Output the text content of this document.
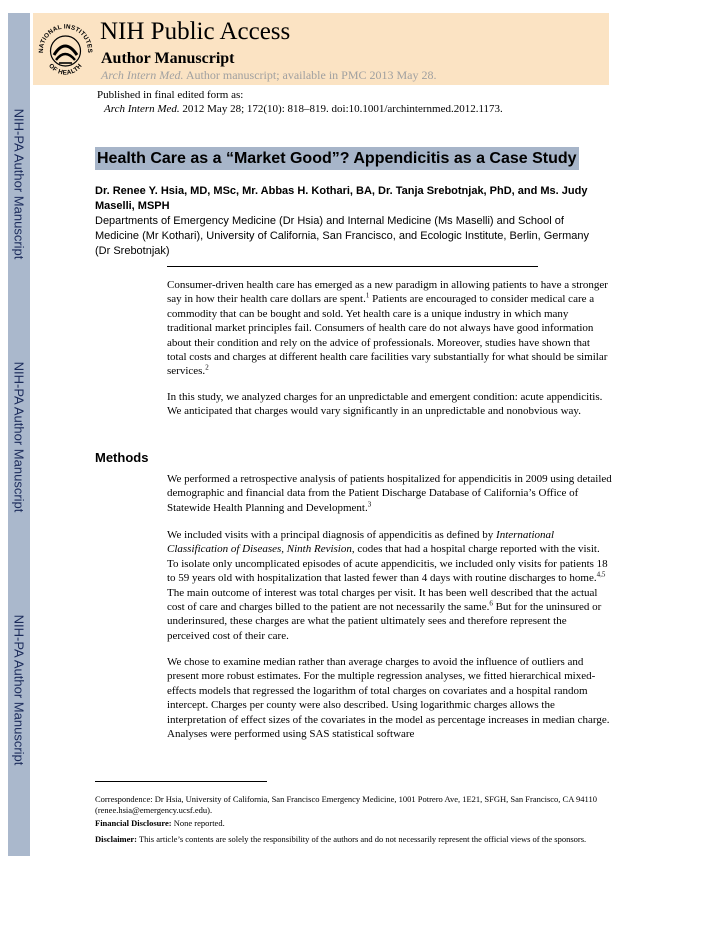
NIH-PA Author Manuscript
NIH-PA Author Manuscript
NIH-PA Author Manuscript
NATIONAL INSTITUTES
OF HEALTH
NIH Public Access
Author Manuscript
Arch Intern Med. Author manuscript; available in PMC 2013 May 28.
Published in final edited form as:
Arch Intern Med. 2012 May 28; 172(10): 818–819. doi:10.1001/archinternmed.2012.1173.
Health Care as a “Market Good”? Appendicitis as a Case Study
Dr. Renee Y. Hsia, MD, MSc, Mr. Abbas H. Kothari, BA, Dr. Tanja Srebotnjak, PhD, and Ms. Judy Maselli, MSPH
Departments of Emergency Medicine (Dr Hsia) and Internal Medicine (Ms Maselli) and School of Medicine (Mr Kothari), University of California, San Francisco, and Ecologic Institute, Berlin, Germany (Dr Srebotnjak)
Consumer-driven health care has emerged as a new paradigm in allowing patients to have a stronger say in how their health care dollars are spent.$^1$ Patients are encouraged to consider medical care a commodity that can be bought and sold. Yet health care is a unique industry in which many traditional market principles fail. Consumers of health care do not always have good information about their condition and rely on the advice of professionals. Moreover, studies have shown that total costs and charges at different health care facilities vary substantially for what should be similar services.$^2$
In this study, we analyzed charges for an unpredictable and emergent condition: acute appendicitis. We anticipated that charges would vary significantly in an unpredictable and nonobvious way.
Methods
We performed a retrospective analysis of patients hospitalized for appendicitis in 2009 using detailed demographic and financial data from the Patient Discharge Database of California’s Office of Statewide Health Planning and Development.$^3$
We included visits with a principal diagnosis of appendicitis as defined by International Classification of Diseases, Ninth Revision, codes that had a hospital charge reported with the visit. To isolate only uncomplicated episodes of acute appendicitis, we included only visits for patients 18 to 59 years old with hospitalization that lasted fewer than 4 days with routine discharges to home.$^{4,5}$ The main outcome of interest was total charges per visit. It has been well described that the actual cost of care and charges billed to the patient are not necessarily the same.$^6$ But for the uninsured or underinsured, these charges are what the patient ultimately sees and therefore represent the perceived cost of their care.
We chose to examine median rather than average charges to avoid the influence of outliers and present more robust estimates. For the multiple regression analyses, we fitted hierarchical mixed-effects models that regressed the logarithm of total charges on covariates and a hospital random intercept. Charges per county were also described. Using logarithmic charges allows the interpretation of effect sizes of the covariates in the model as percentage increases in median charge. Analyses were performed using SAS statistical software
Correspondence: Dr Hsia, University of California, San Francisco Emergency Medicine, 1001 Potrero Ave, 1E21, SFGH, San Francisco, CA 94110 (renee.hsia@emergency.ucsf.edu).
Financial Disclosure: None reported.
Disclaimer: This article’s contents are solely the responsibility of the authors and do not necessarily represent the official views of the sponsors.
